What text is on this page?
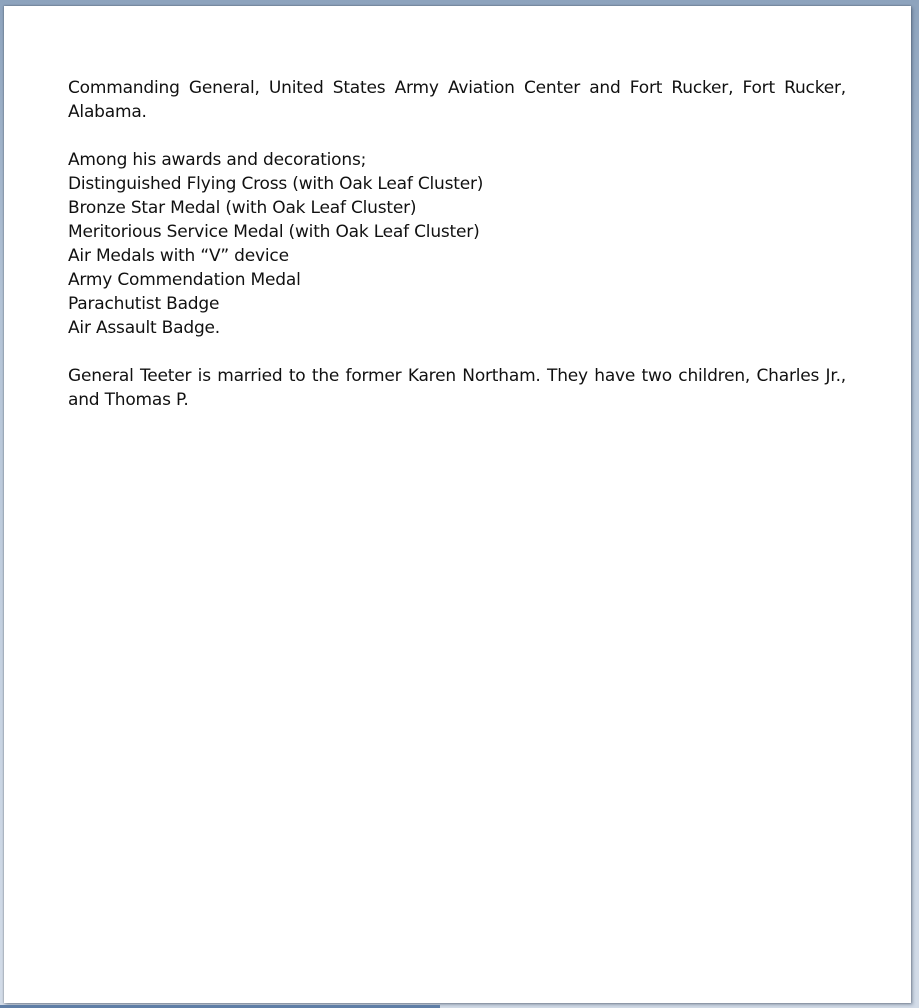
Commanding General, United States Army Aviation Center and Fort Rucker, Fort Rucker, Alabama.

Among his awards and decorations;
Distinguished Flying Cross (with Oak Leaf Cluster)
Bronze Star Medal (with Oak Leaf Cluster)
Meritorious Service Medal (with Oak Leaf Cluster)
Air Medals with “V” device
Army Commendation Medal
Parachutist Badge
Air Assault Badge.

General Teeter is married to the former Karen Northam. They have two children, Charles Jr., and Thomas P.
